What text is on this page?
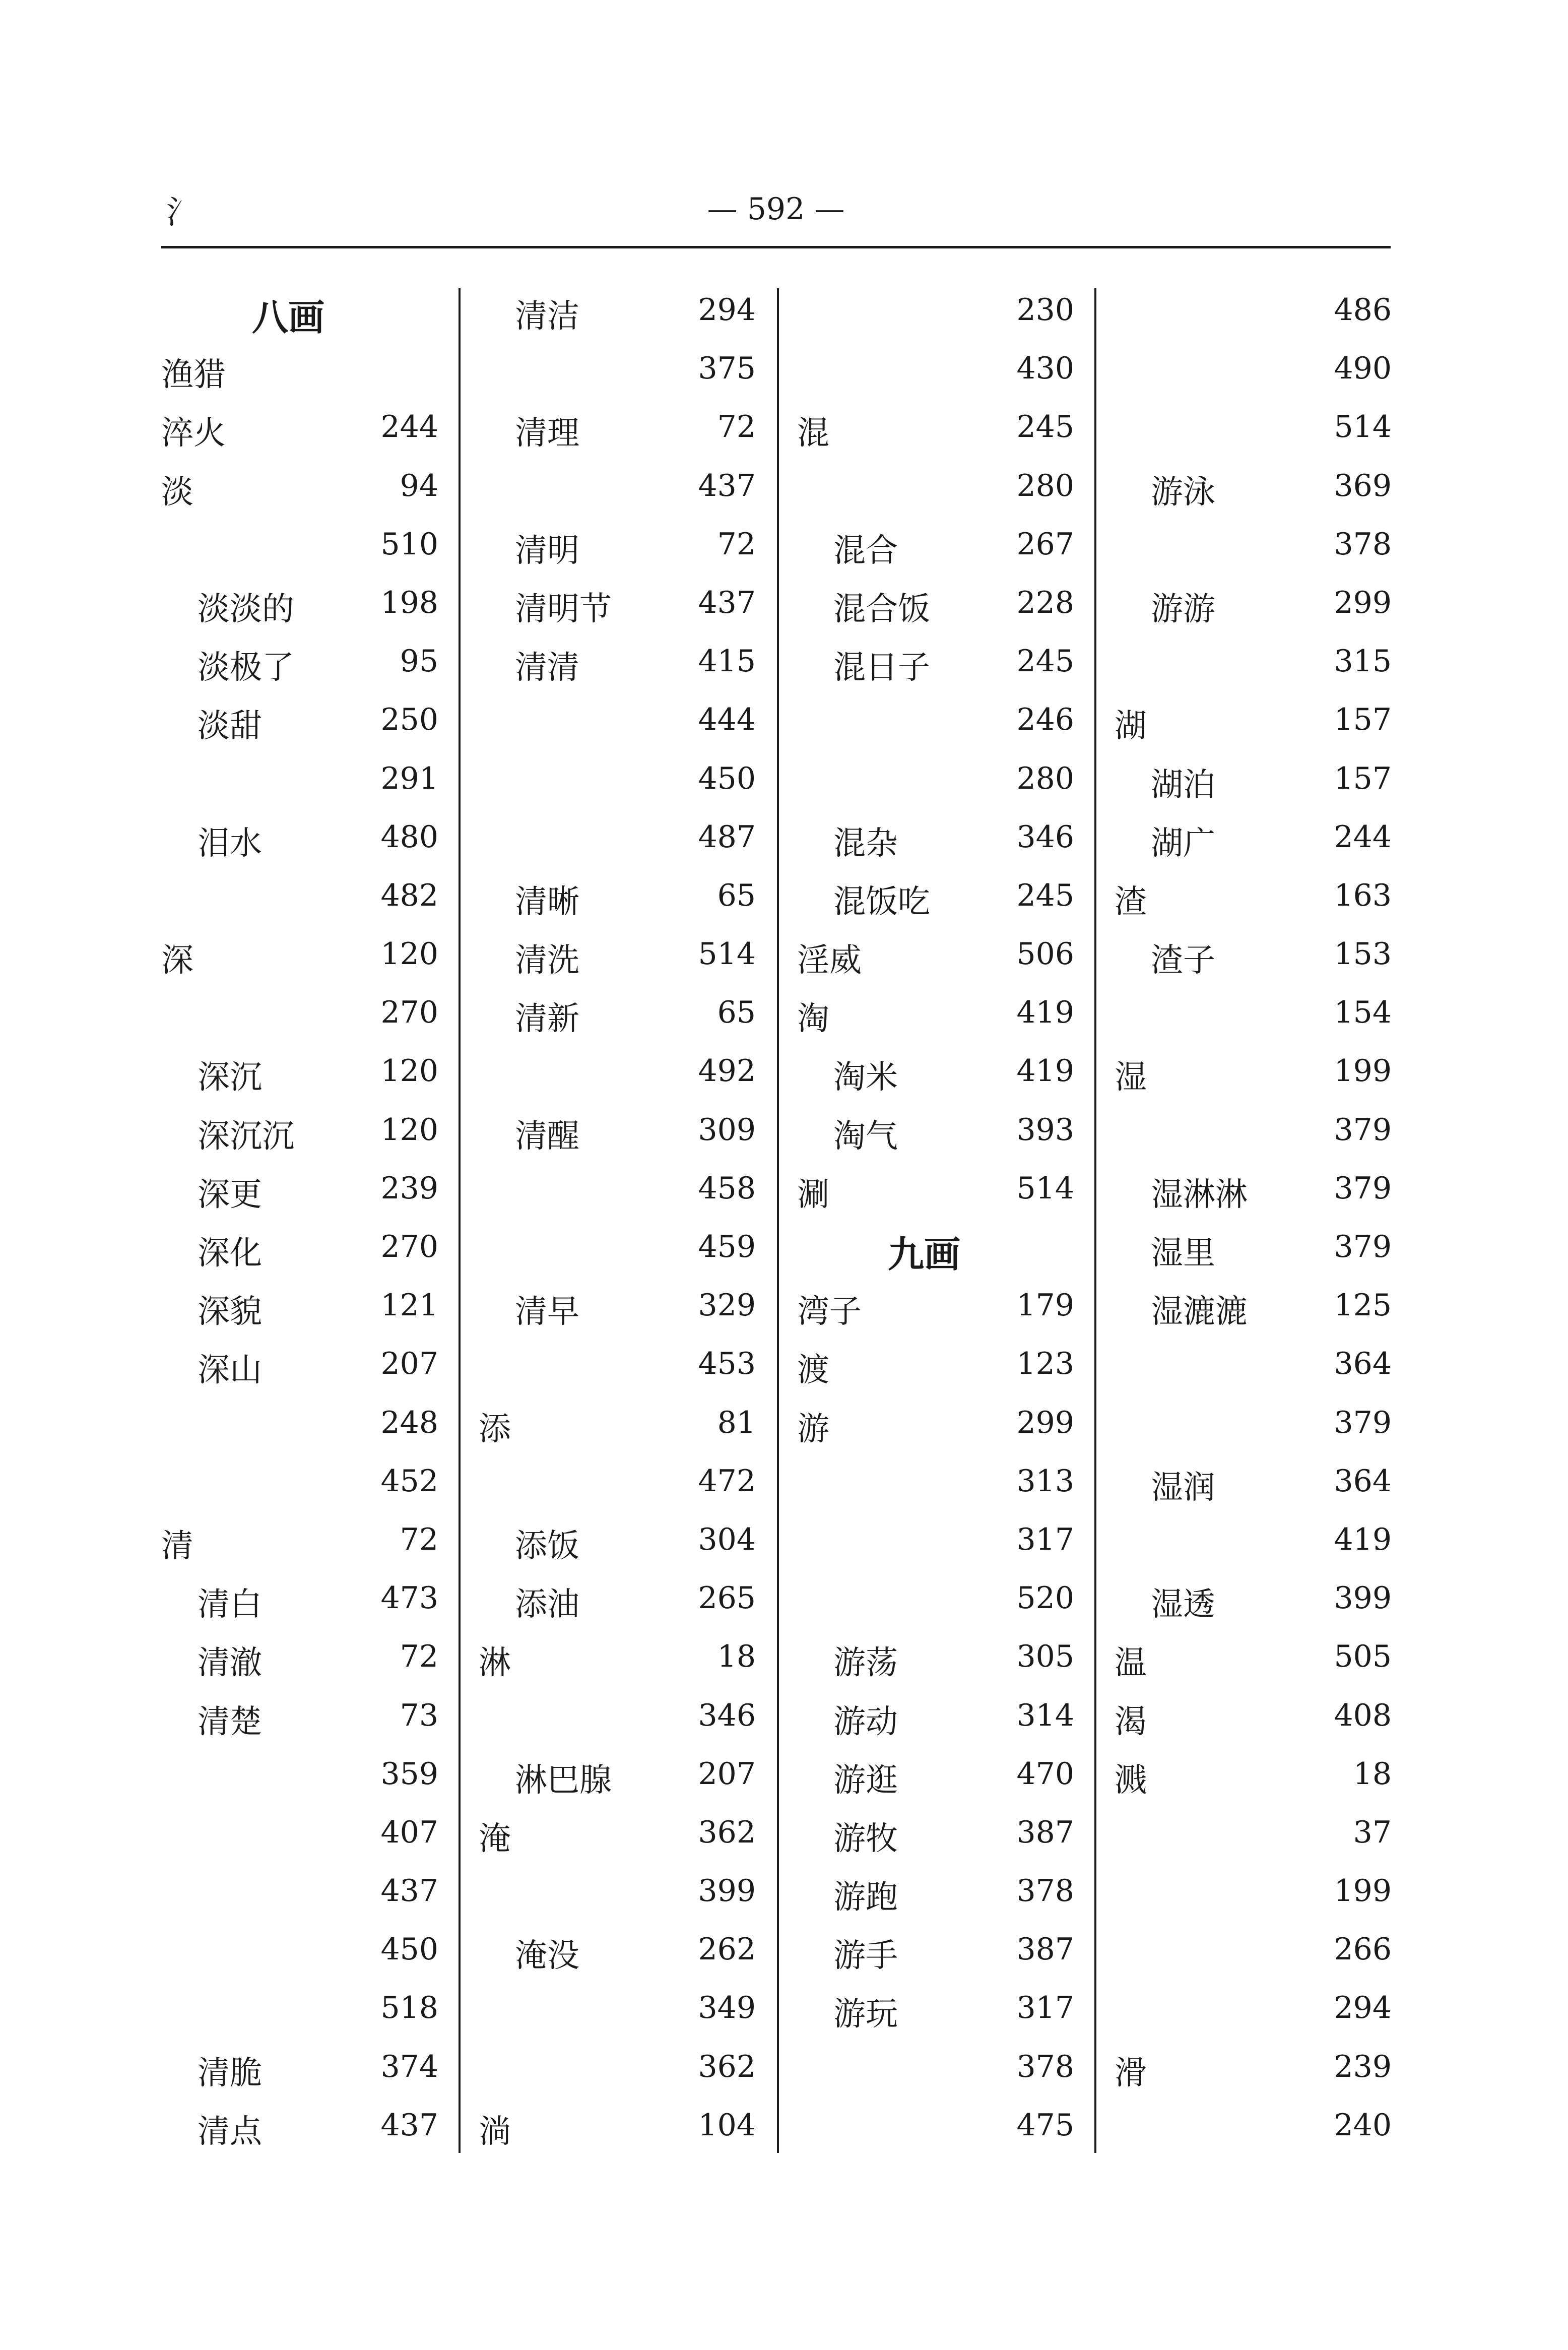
氵	— 592 —
八画
渔猎
淬火	244
淡	94
510
淡淡的	198
淡极了	95
淡甜	250
291
泪水	480
482
深	120
270
深沉	120
深沉沉	120
深更	239
深化	270
深貌	121
深山	207
248
452
清	72
清白	473
清澈	72
清楚	73
359
407
437
450
518
清脆	374
清点	437
清洁	294
375
清理	72
437
清明	72
清明节	437
清清	415
444
450
487
清晰	65
清洗	514
清新	65
492
清醒	309
458
459
清早	329
453
添	81
472
添饭	304
添油	265
淋	18
346
淋巴腺	207
淹	362
399
淹没	262
349
362
淌	104
230
430
混	245
280
混合	267
混合饭	228
混日子	245
246
280
混杂	346
混饭吃	245
淫威	506
淘	419
淘米	419
淘气	393
涮	514
九画
湾子	179
渡	123
游	299
313
317
520
游荡	305
游动	314
游逛	470
游牧	387
游跑	378
游手	387
游玩	317
378
475
486
490
514
游泳	369
378
游游	299
315
湖	157
湖泊	157
湖广	244
渣	163
渣子	153
154
湿	199
379
湿淋淋	379
湿里	379
湿漉漉	125
364
379
湿润	364
419
湿透	399
温	505
渴	408
溅	18
37
199
266
294
滑	239
240
